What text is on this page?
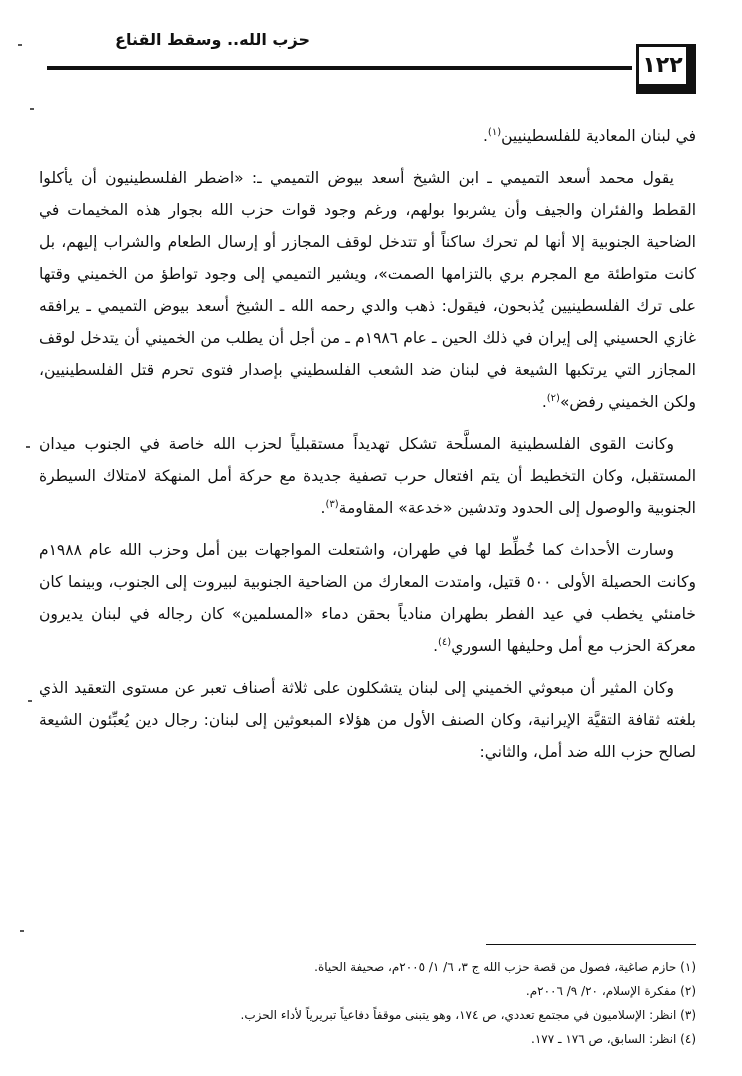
حزب الله.. وسقط القناع
١٢٢

في لبنان المعادية للفلسطينيين$^{(١)}$.

يقول محمد أسعد التميمي ـ ابن الشيخ أسعد بيوض التميمي ـ: «اضطر الفلسطينيون أن يأكلوا القطط والفئران والجيف وأن يشربوا بولهم، ورغم وجود قوات حزب الله بجوار هذه المخيمات في الضاحية الجنوبية إلا أنها لم تحرك ساكناً أو تتدخل لوقف المجازر أو إرسال الطعام والشراب إليهم، بل كانت متواطئة مع المجرم بري بالتزامها الصمت»، ويشير التميمي إلى وجود تواطؤ من الخميني وقتها على ترك الفلسطينيين يُذبحون، فيقول: ذهب والدي رحمه الله ـ الشيخ أسعد بيوض التميمي ـ يرافقه غازي الحسيني إلى إيران في ذلك الحين ـ عام ١٩٨٦م ـ من أجل أن يطلب من الخميني أن يتدخل لوقف المجازر التي يرتكبها الشيعة في لبنان ضد الشعب الفلسطيني بإصدار فتوى تحرم قتل الفلسطينيين، ولكن الخميني رفض»$^{(٢)}$.

وكانت القوى الفلسطينية المسلَّحة تشكل تهديداً مستقبلياً لحزب الله خاصة في الجنوب ميدان المستقبل، وكان التخطيط أن يتم افتعال حرب تصفية جديدة مع حركة أمل المنهكة لامتلاك السيطرة الجنوبية والوصول إلى الحدود وتدشين «خدعة» المقاومة$^{(٣)}$.

وسارت الأحداث كما خُطِّط لها في طهران، واشتعلت المواجهات بين أمل وحزب الله عام ١٩٨٨م وكانت الحصيلة الأولى ٥٠٠ قتيل، وامتدت المعارك من الضاحية الجنوبية لبيروت إلى الجنوب، وبينما كان خامنئي يخطب في عيد الفطر بطهران منادياً بحقن دماء «المسلمين» كان رجاله في لبنان يديرون معركة الحزب مع أمل وحليفها السوري$^{(٤)}$.

وكان المثير أن مبعوثي الخميني إلى لبنان يتشكلون على ثلاثة أصناف تعبر عن مستوى التعقيد الذي بلغته ثقافة التقيَّة الإيرانية، وكان الصنف الأول من هؤلاء المبعوثين إلى لبنان: رجال دين يُعبِّئون الشيعة لصالح حزب الله ضد أمل، والثاني:

(١) حازم صاغية، فصول من قصة حزب الله ج ٣، ٦/ ١/ ٢٠٠٥م، صحيفة الحياة.
(٢) مفكرة الإسلام، ٢٠/ ٩/ ٢٠٠٦م.
(٣) انظر: الإسلاميون في مجتمع تعددي، ص ١٧٤، وهو يتبنى موقفاً دفاعياً تبريرياً لأداء الحزب.
(٤) انظر: السابق، ص ١٧٦ ـ ١٧٧.
